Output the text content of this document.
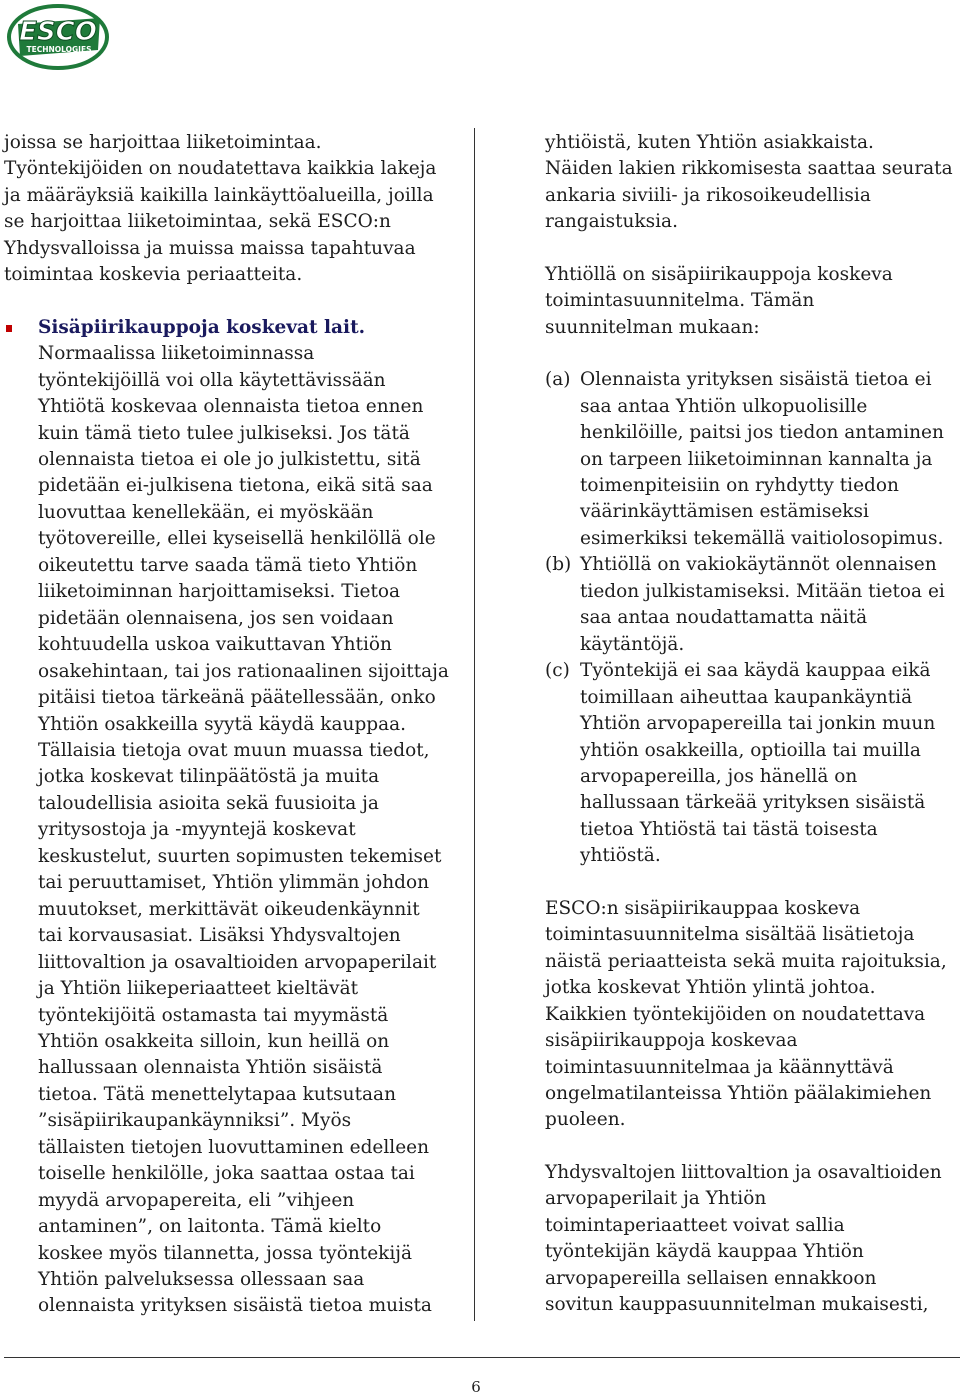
ESCO
TECHNOLOGIES
joissa se harjoittaa liiketoimintaa.
Työntekijöiden on noudatettava kaikkia lakeja
ja määräyksiä kaikilla lainkäyttöalueilla, joilla
se harjoittaa liiketoimintaa, sekä ESCO:n
Yhdysvalloissa ja muissa maissa tapahtuvaa
toimintaa koskevia periaatteita.
Sisäpiirikauppoja koskevat lait.
Normaalissa liiketoiminnassa
työntekijöillä voi olla käytettävissään
Yhtiötä koskevaa olennaista tietoa ennen
kuin tämä tieto tulee julkiseksi. Jos tätä
olennaista tietoa ei ole jo julkistettu, sitä
pidetään ei-julkisena tietona, eikä sitä saa
luovuttaa kenellekään, ei myöskään
työtovereille, ellei kyseisellä henkilöllä ole
oikeutettu tarve saada tämä tieto Yhtiön
liiketoiminnan harjoittamiseksi. Tietoa
pidetään olennaisena, jos sen voidaan
kohtuudella uskoa vaikuttavan Yhtiön
osakehintaan, tai jos rationaalinen sijoittaja
pitäisi tietoa tärkeänä päätellessään, onko
Yhtiön osakkeilla syytä käydä kauppaa.
Tällaisia tietoja ovat muun muassa tiedot,
jotka koskevat tilinpäätöstä ja muita
taloudellisia asioita sekä fuusioita ja
yritysostoja ja -myyntejä koskevat
keskustelut, suurten sopimusten tekemiset
tai peruuttamiset, Yhtiön ylimmän johdon
muutokset, merkittävät oikeudenkäynnit
tai korvausasiat. Lisäksi Yhdysvaltojen
liittovaltion ja osavaltioiden arvopaperilait
ja Yhtiön liikeperiaatteet kieltävät
työntekijöitä ostamasta tai myymästä
Yhtiön osakkeita silloin, kun heillä on
hallussaan olennaista Yhtiön sisäistä
tietoa. Tätä menettelytapaa kutsutaan
”sisäpiirikaupankäynniksi”. Myös
tällaisten tietojen luovuttaminen edelleen
toiselle henkilölle, joka saattaa ostaa tai
myydä arvopapereita, eli ”vihjeen
antaminen”, on laitonta. Tämä kielto
koskee myös tilannetta, jossa työntekijä
Yhtiön palveluksessa ollessaan saa
olennaista yrityksen sisäistä tietoa muista
yhtiöistä, kuten Yhtiön asiakkaista.
Näiden lakien rikkomisesta saattaa seurata
ankaria siviili- ja rikosoikeudellisia
rangaistuksia.
Yhtiöllä on sisäpiirikauppoja koskeva
toimintasuunnitelma. Tämän
suunnitelman mukaan:
(a) Olennaista yrityksen sisäistä tietoa ei
saa antaa Yhtiön ulkopuolisille
henkilöille, paitsi jos tiedon antaminen
on tarpeen liiketoiminnan kannalta ja
toimenpiteisiin on ryhdytty tiedon
väärinkäyttämisen estämiseksi
esimerkiksi tekemällä vaitiolosopimus.
(b) Yhtiöllä on vakiokäytännöt olennaisen
tiedon julkistamiseksi. Mitään tietoa ei
saa antaa noudattamatta näitä
käytäntöjä.
(c) Työntekijä ei saa käydä kauppaa eikä
toimillaan aiheuttaa kaupankäyntiä
Yhtiön arvopapereilla tai jonkin muun
yhtiön osakkeilla, optioilla tai muilla
arvopapereilla, jos hänellä on
hallussaan tärkeää yrityksen sisäistä
tietoa Yhtiöstä tai tästä toisesta
yhtiöstä.
ESCO:n sisäpiirikauppaa koskeva
toimintasuunnitelma sisältää lisätietoja
näistä periaatteista sekä muita rajoituksia,
jotka koskevat Yhtiön ylintä johtoa.
Kaikkien työntekijöiden on noudatettava
sisäpiirikauppoja koskevaa
toimintasuunnitelmaa ja käännyttävä
ongelmatilanteissa Yhtiön päälakimiehen
puoleen.
Yhdysvaltojen liittovaltion ja osavaltioiden
arvopaperilait ja Yhtiön
toimintaperiaatteet voivat sallia
työntekijän käydä kauppaa Yhtiön
arvopapereilla sellaisen ennakkoon
sovitun kauppasuunnitelman mukaisesti,
6
